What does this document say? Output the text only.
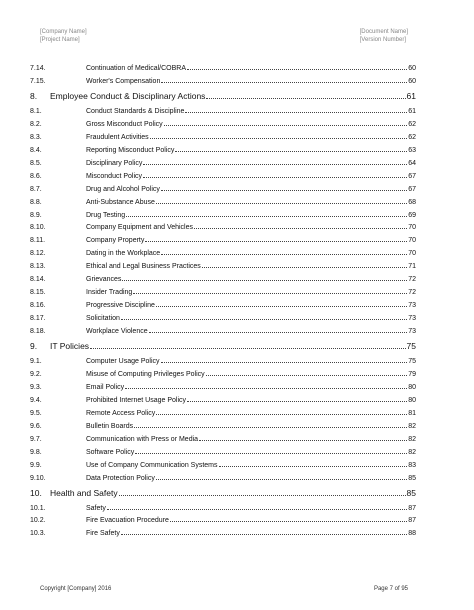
[Company Name]
[Project Name]
[Document Name]
[Version Number]
7.14.	Continuation of Medical/COBRA	60
7.15.	Worker's Compensation	60
8.	Employee Conduct & Disciplinary Actions	61
8.1.	Conduct Standards & Discipline	61
8.2.	Gross Misconduct Policy	62
8.3.	Fraudulent Activities	62
8.4.	Reporting Misconduct Policy	63
8.5.	Disciplinary Policy	64
8.6.	Misconduct Policy	67
8.7.	Drug and Alcohol Policy	67
8.8.	Anti-Substance Abuse	68
8.9.	Drug Testing	69
8.10.	Company Equipment and Vehicles	70
8.11.	Company Property	70
8.12.	Dating in the Workplace	70
8.13.	Ethical and Legal Business Practices	71
8.14.	Grievances	72
8.15.	Insider Trading	72
8.16.	Progressive Discipline	73
8.17.	Solicitation	73
8.18.	Workplace Violence	73
9.	IT Policies	75
9.1.	Computer Usage Policy	75
9.2.	Misuse of Computing Privileges Policy	79
9.3.	Email Policy	80
9.4.	Prohibited Internet Usage Policy	80
9.5.	Remote Access Policy	81
9.6.	Bulletin Boards	82
9.7.	Communication with Press or Media	82
9.8.	Software Policy	82
9.9.	Use of Company Communication Systems	83
9.10.	Data Protection Policy	85
10. Health and Safety	85
10.1.	Safety	87
10.2.	Fire Evacuation Procedure	87
10.3.	Fire Safety	88
Copyright [Company] 2016	Page 7 of 95
